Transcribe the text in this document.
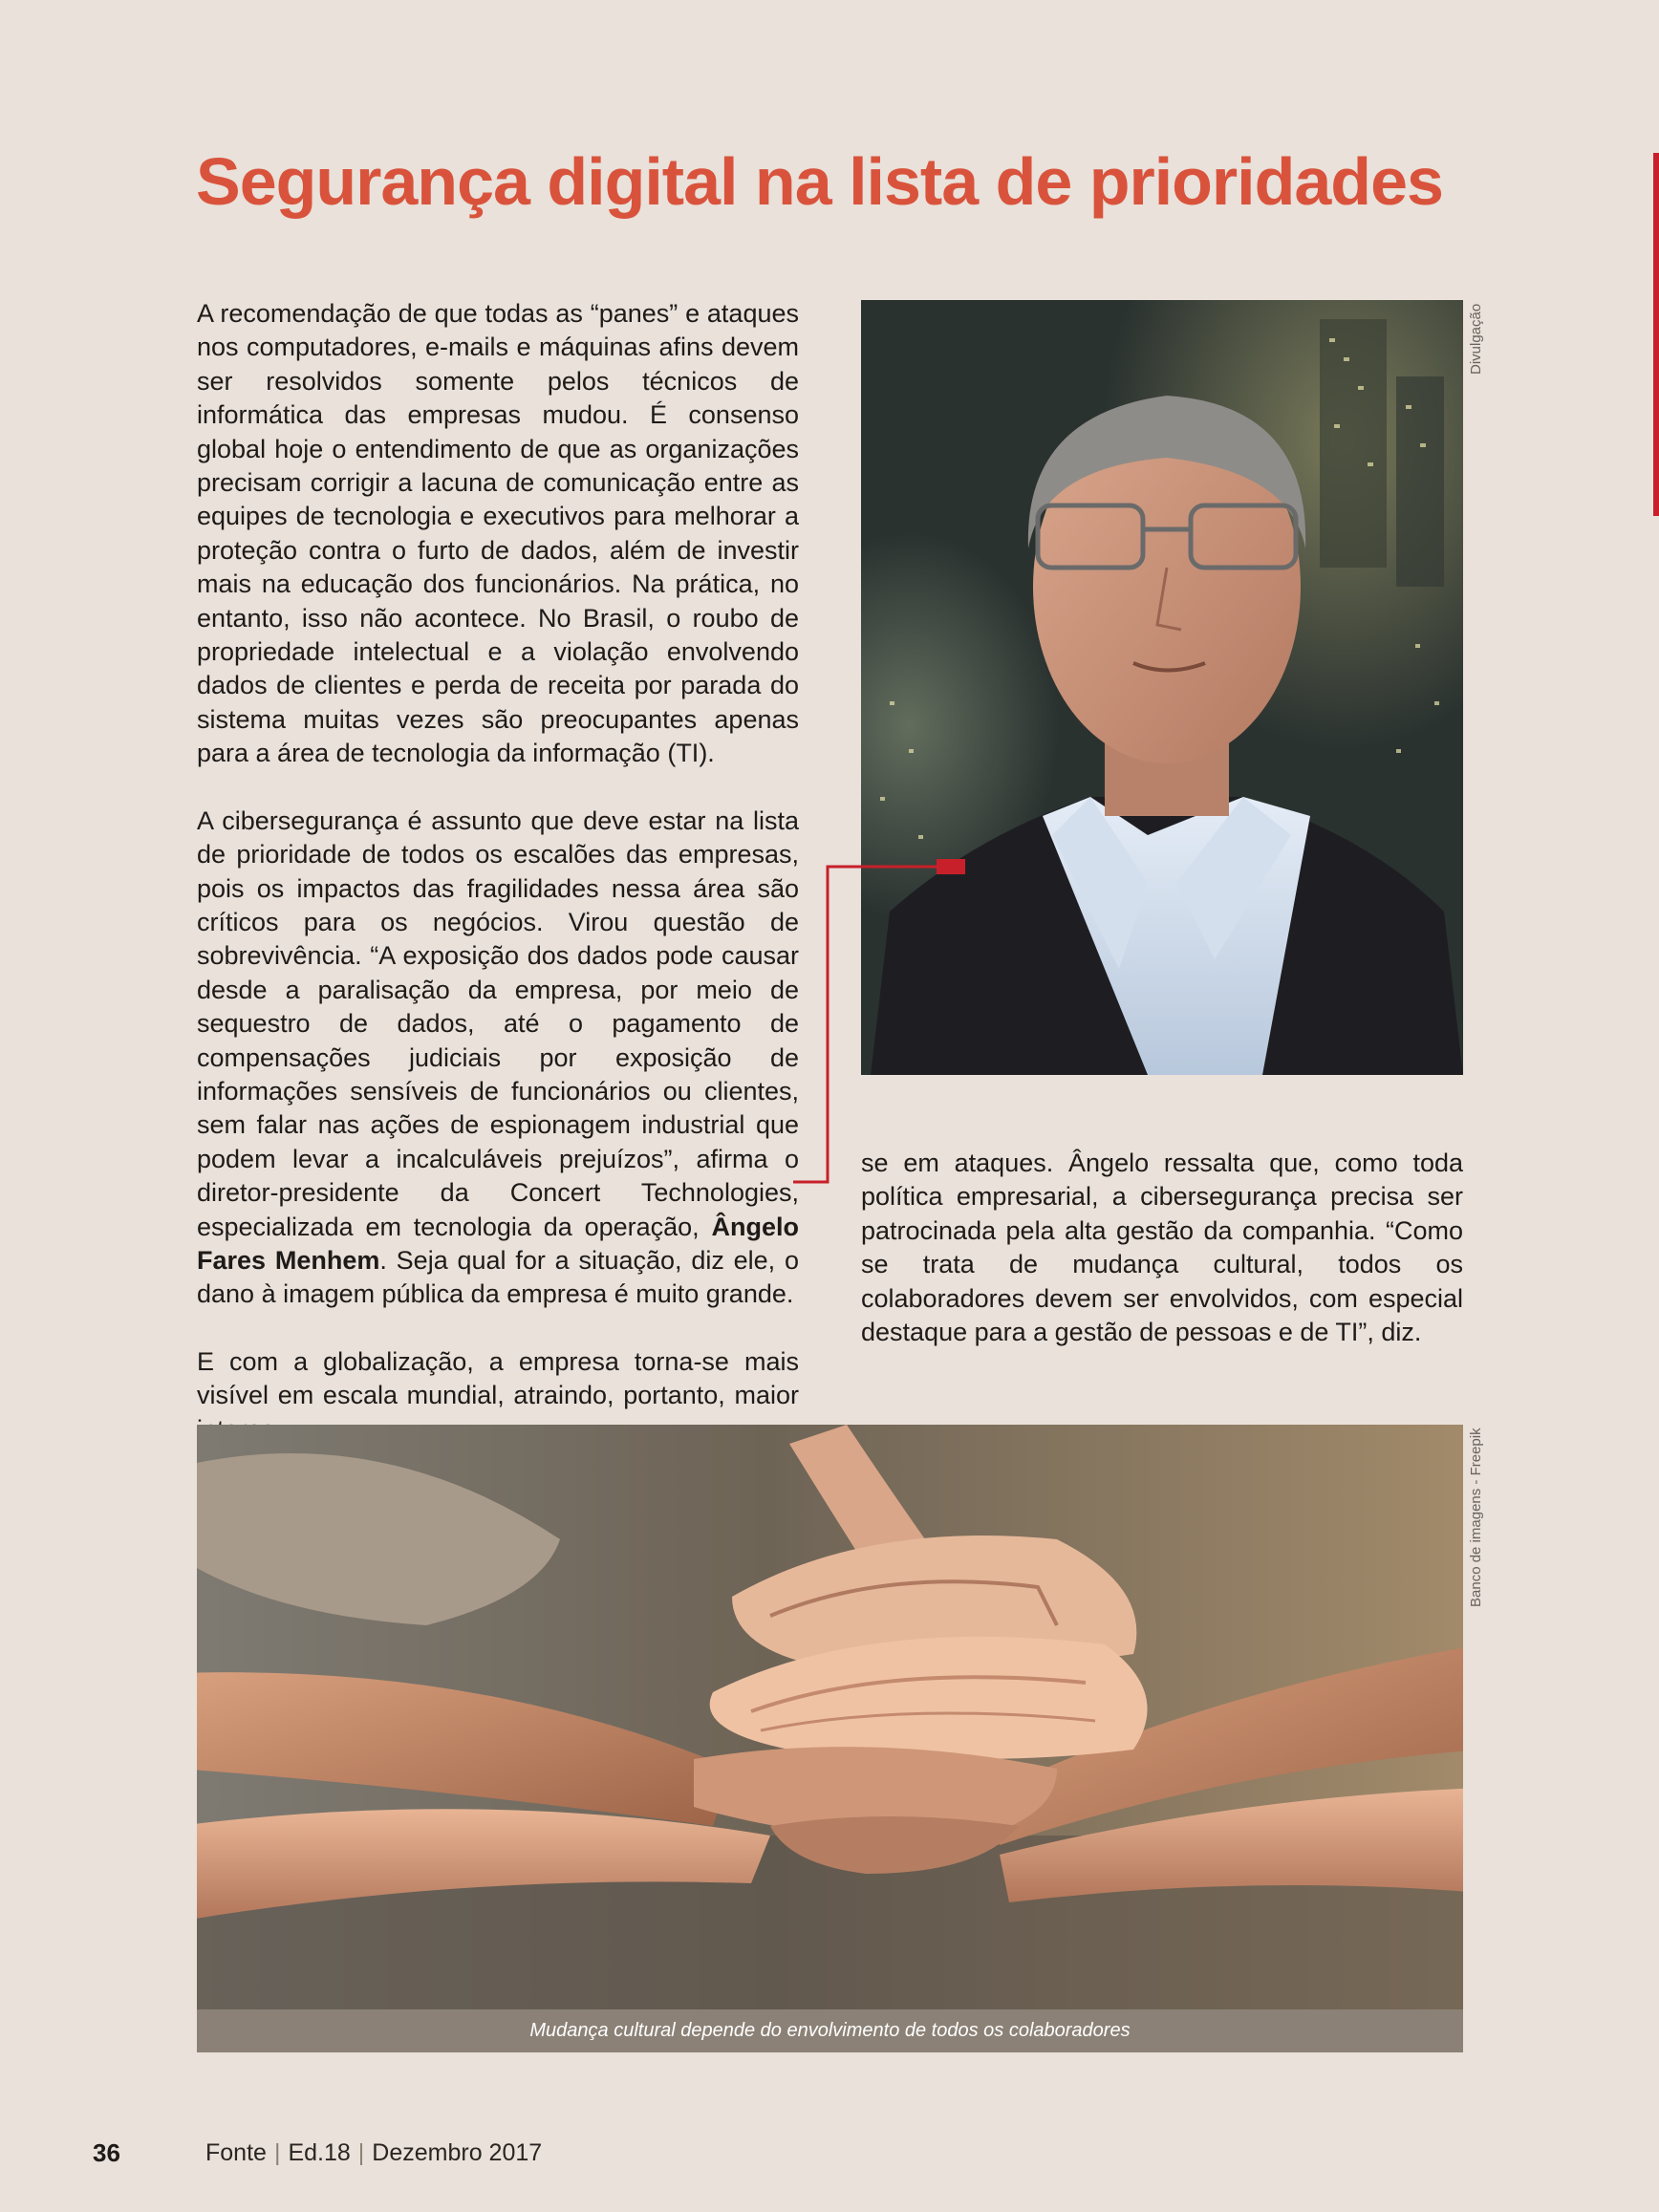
Segurança digital na lista de prioridades

A recomendação de que todas as “panes” e ataques nos computadores, e-mails e máquinas afins devem ser resolvidos somente pelos técnicos de informática das empresas mudou. É consenso global hoje o entendimento de que as organizações precisam corrigir a lacuna de comunicação entre as equipes de tecnologia e executivos para melhorar a proteção contra o furto de dados, além de investir mais na educação dos funcionários. Na prática, no entanto, isso não acontece. No Brasil, o roubo de propriedade intelectual e a violação envolvendo dados de clientes e perda de receita por parada do sistema muitas vezes são preocupantes apenas para a área de tecnologia da informação (TI).

A cibersegurança é assunto que deve estar na lista de prioridade de todos os escalões das empresas, pois os impactos das fragilidades nessa área são críticos para os negócios. Virou questão de sobrevivência. “A exposição dos dados pode causar desde a paralisação da empresa, por meio de sequestro de dados, até o pagamento de compensações judiciais por exposição de informações sensíveis de funcionários ou clientes, sem falar nas ações de espionagem industrial que podem levar a incalculáveis prejuízos”, afirma o diretor-presidente da Concert Technologies, especializada em tecnologia da operação, Ângelo Fares Menhem. Seja qual for a situação, diz ele, o dano à imagem pública da empresa é muito grande.

E com a globalização, a empresa torna-se mais visível em escala mundial, atraindo, portanto, maior

Divulgação

se em ataques. Ângelo ressalta que, como toda política empresarial, a cibersegurança precisa ser patrocinada pela alta gestão da companhia. “Como se trata de mudança cultural, todos os colaboradores devem ser envolvidos, com especial destaque para a gestão de pessoas e de TI”, diz.

Banco de imagens - Freepik
Mudança cultural depende do envolvimento de todos os colaboradores
36	Fonte | Ed.18 | Dezembro 2017
